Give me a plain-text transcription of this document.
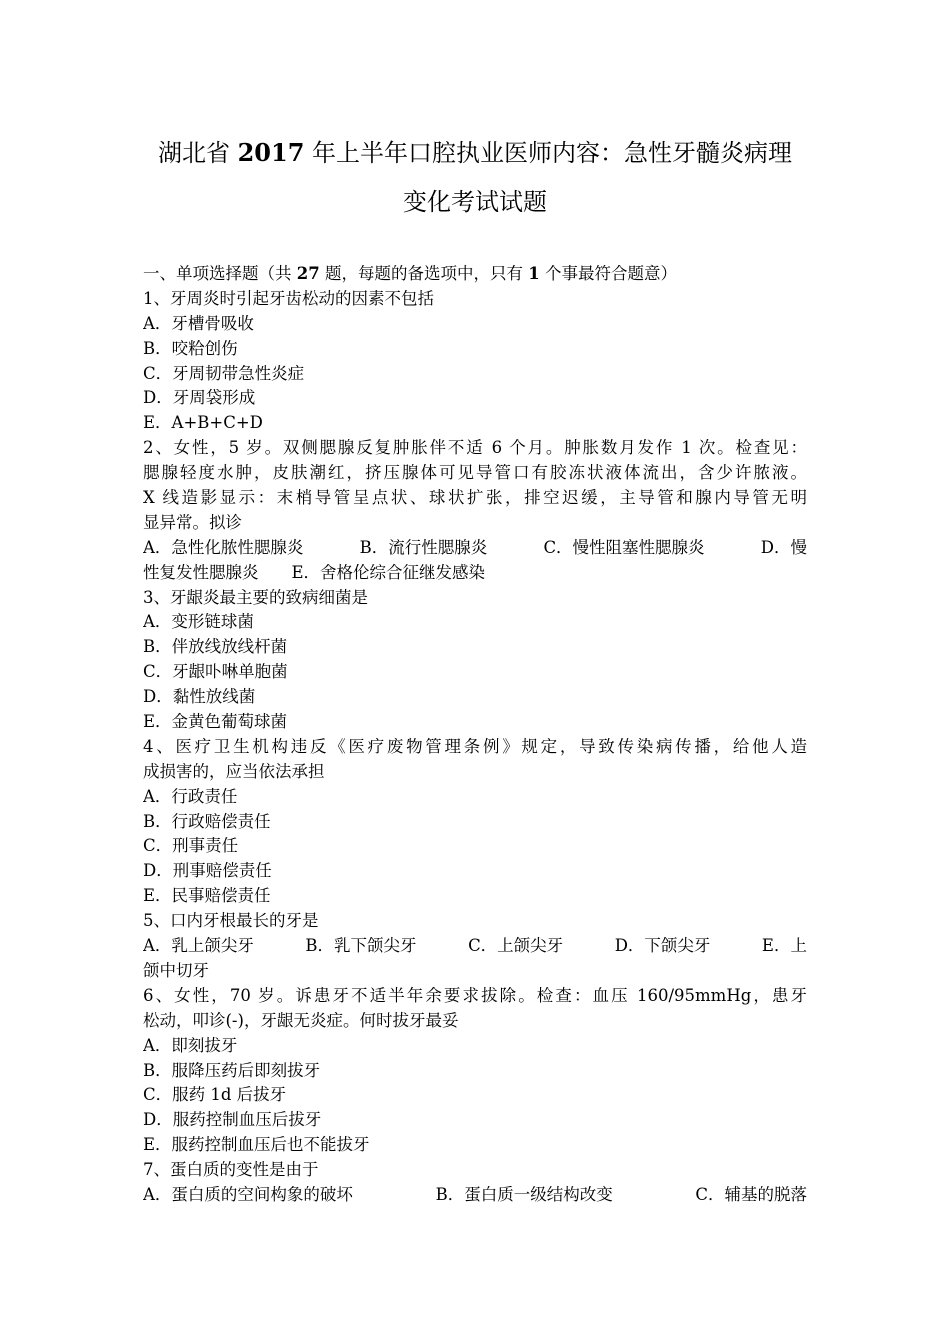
湖北省 2017 年上半年口腔执业医师内容：急性牙髓炎病理
变化考试试题
一、单项选择题（共 27 题，每题的备选项中，只有 1 个事最符合题意）
1、牙周炎时引起牙齿松动的因素不包括
A．牙槽骨吸收
B．咬粭创伤
C．牙周韧带急性炎症
D．牙周袋形成
E．A+B+C+D
2、女性，5 岁。双侧腮腺反复肿胀伴不适 6 个月。肿胀数月发作 1 次。检查见：
腮腺轻度水肿，皮肤潮红，挤压腺体可见导管口有胶冻状液体流出，含少许脓液。
X 线造影显示：末梢导管呈点状、球状扩张，排空迟缓，主导管和腺内导管无明
显异常。拟诊
A．急性化脓性腮腺炎	B．流行性腮腺炎	C．慢性阻塞性腮腺炎	D．慢
性复发性腮腺炎　　E．舍格伦综合征继发感染
3、牙龈炎最主要的致病细菌是
A．变形链球菌
B．伴放线放线杆菌
C．牙龈卟啉单胞菌
D．黏性放线菌
E．金黄色葡萄球菌
4、医疗卫生机构违反《医疗废物管理条例》规定，导致传染病传播，给他人造
成损害的，应当依法承担
A．行政责任
B．行政赔偿责任
C．刑事责任
D．刑事赔偿责任
E．民事赔偿责任
5、口内牙根最长的牙是
A．乳上颌尖牙	B．乳下颌尖牙	C．上颌尖牙	D．下颌尖牙	E．上
颌中切牙
6、女性，70 岁。诉患牙不适半年余要求拔除。检查：血压 160/95mmHg，患牙
松动，叩诊(-)，牙龈无炎症。何时拔牙最妥
A．即刻拔牙
B．服降压药后即刻拔牙
C．服药 1d 后拔牙
D．服药控制血压后拔牙
E．服药控制血压后也不能拔牙
7、蛋白质的变性是由于
A．蛋白质的空间构象的破坏	B．蛋白质一级结构改变	C．辅基的脱落
